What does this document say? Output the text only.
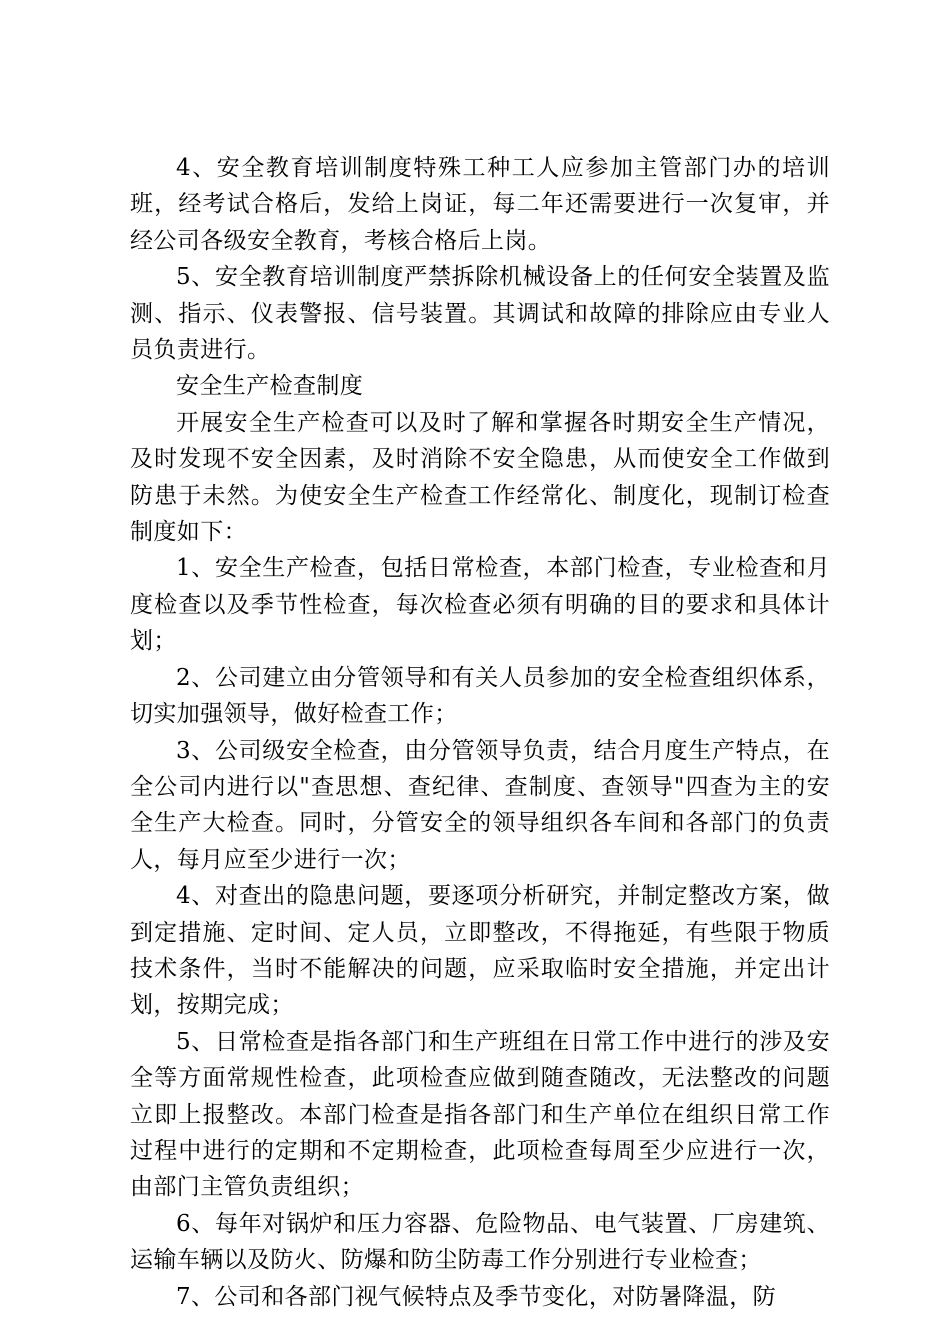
4、安全教育培训制度特殊工种工人应参加主管部门办的培训班，经考试合格后，发给上岗证，每二年还需要进行一次复审，并经公司各级安全教育，考核合格后上岗。

5、安全教育培训制度严禁拆除机械设备上的任何安全装置及监测、指示、仪表警报、信号装置。其调试和故障的排除应由专业人员负责进行。

安全生产检查制度

开展安全生产检查可以及时了解和掌握各时期安全生产情况，及时发现不安全因素，及时消除不安全隐患，从而使安全工作做到防患于未然。为使安全生产检查工作经常化、制度化，现制订检查制度如下：

1、安全生产检查，包括日常检查，本部门检查，专业检查和月度检查以及季节性检查，每次检查必须有明确的目的要求和具体计划；

2、公司建立由分管领导和有关人员参加的安全检查组织体系，切实加强领导，做好检查工作；

3、公司级安全检查，由分管领导负责，结合月度生产特点，在全公司内进行以"查思想、查纪律、查制度、查领导"四查为主的安全生产大检查。同时，分管安全的领导组织各车间和各部门的负责人，每月应至少进行一次；

4、对查出的隐患问题，要逐项分析研究，并制定整改方案，做到定措施、定时间、定人员，立即整改，不得拖延，有些限于物质技术条件，当时不能解决的问题，应采取临时安全措施，并定出计划，按期完成；

5、日常检查是指各部门和生产班组在日常工作中进行的涉及安全等方面常规性检查，此项检查应做到随查随改，无法整改的问题立即上报整改。本部门检查是指各部门和生产单位在组织日常工作过程中进行的定期和不定期检查，此项检查每周至少应进行一次，由部门主管负责组织；

6、每年对锅炉和压力容器、危险物品、电气装置、厂房建筑、运输车辆以及防火、防爆和防尘防毒工作分别进行专业检查；

7、公司和各部门视气候特点及季节变化，对防暑降温，防
